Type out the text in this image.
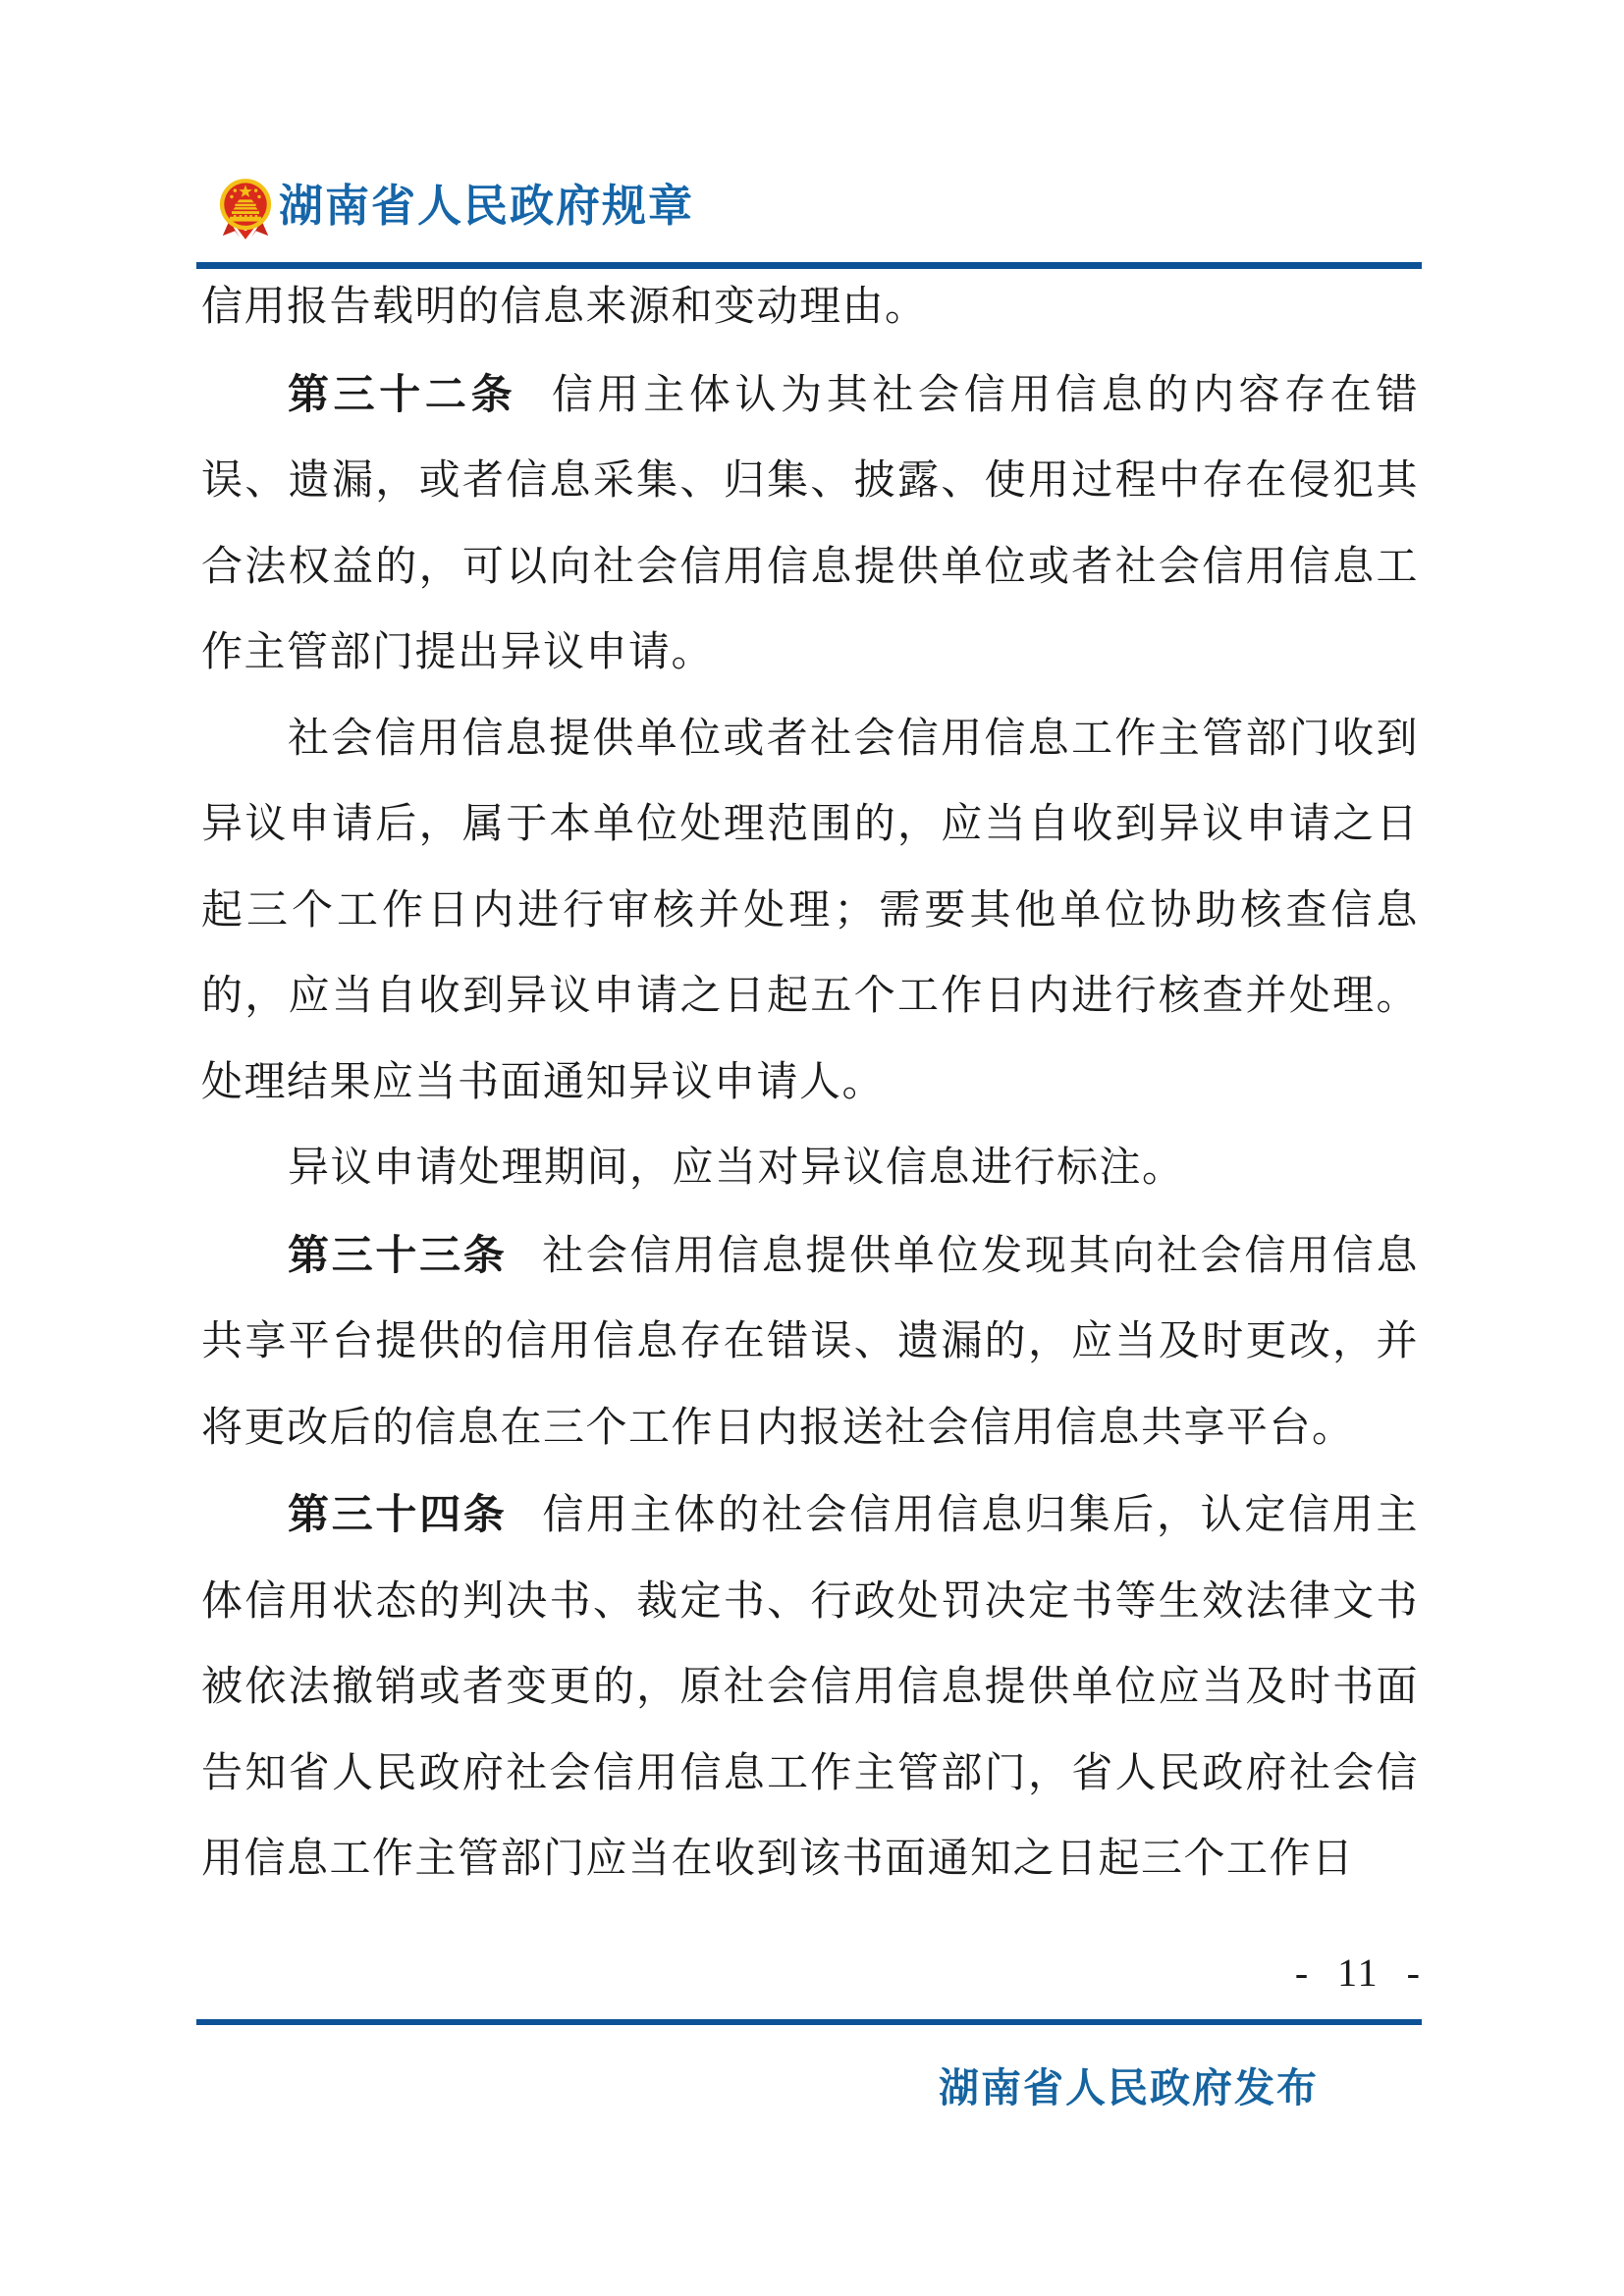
湖南省人民政府规章

信用报告载明的信息来源和变动理由。

第三十二条 信用主体认为其社会信用信息的内容存在错误、遗漏，或者信息采集、归集、披露、使用过程中存在侵犯其合法权益的，可以向社会信用信息提供单位或者社会信用信息工作主管部门提出异议申请。

社会信用信息提供单位或者社会信用信息工作主管部门收到异议申请后，属于本单位处理范围的，应当自收到异议申请之日起三个工作日内进行审核并处理；需要其他单位协助核查信息的，应当自收到异议申请之日起五个工作日内进行核查并处理。处理结果应当书面通知异议申请人。

异议申请处理期间，应当对异议信息进行标注。

第三十三条 社会信用信息提供单位发现其向社会信用信息共享平台提供的信用信息存在错误、遗漏的，应当及时更改，并将更改后的信息在三个工作日内报送社会信用信息共享平台。

第三十四条 信用主体的社会信用信息归集后，认定信用主体信用状态的判决书、裁定书、行政处罚决定书等生效法律文书被依法撤销或者变更的，原社会信用信息提供单位应当及时书面告知省人民政府社会信用信息工作主管部门，省人民政府社会信用信息工作主管部门应当在收到该书面通知之日起三个工作日

- 11 -
湖南省人民政府发布
